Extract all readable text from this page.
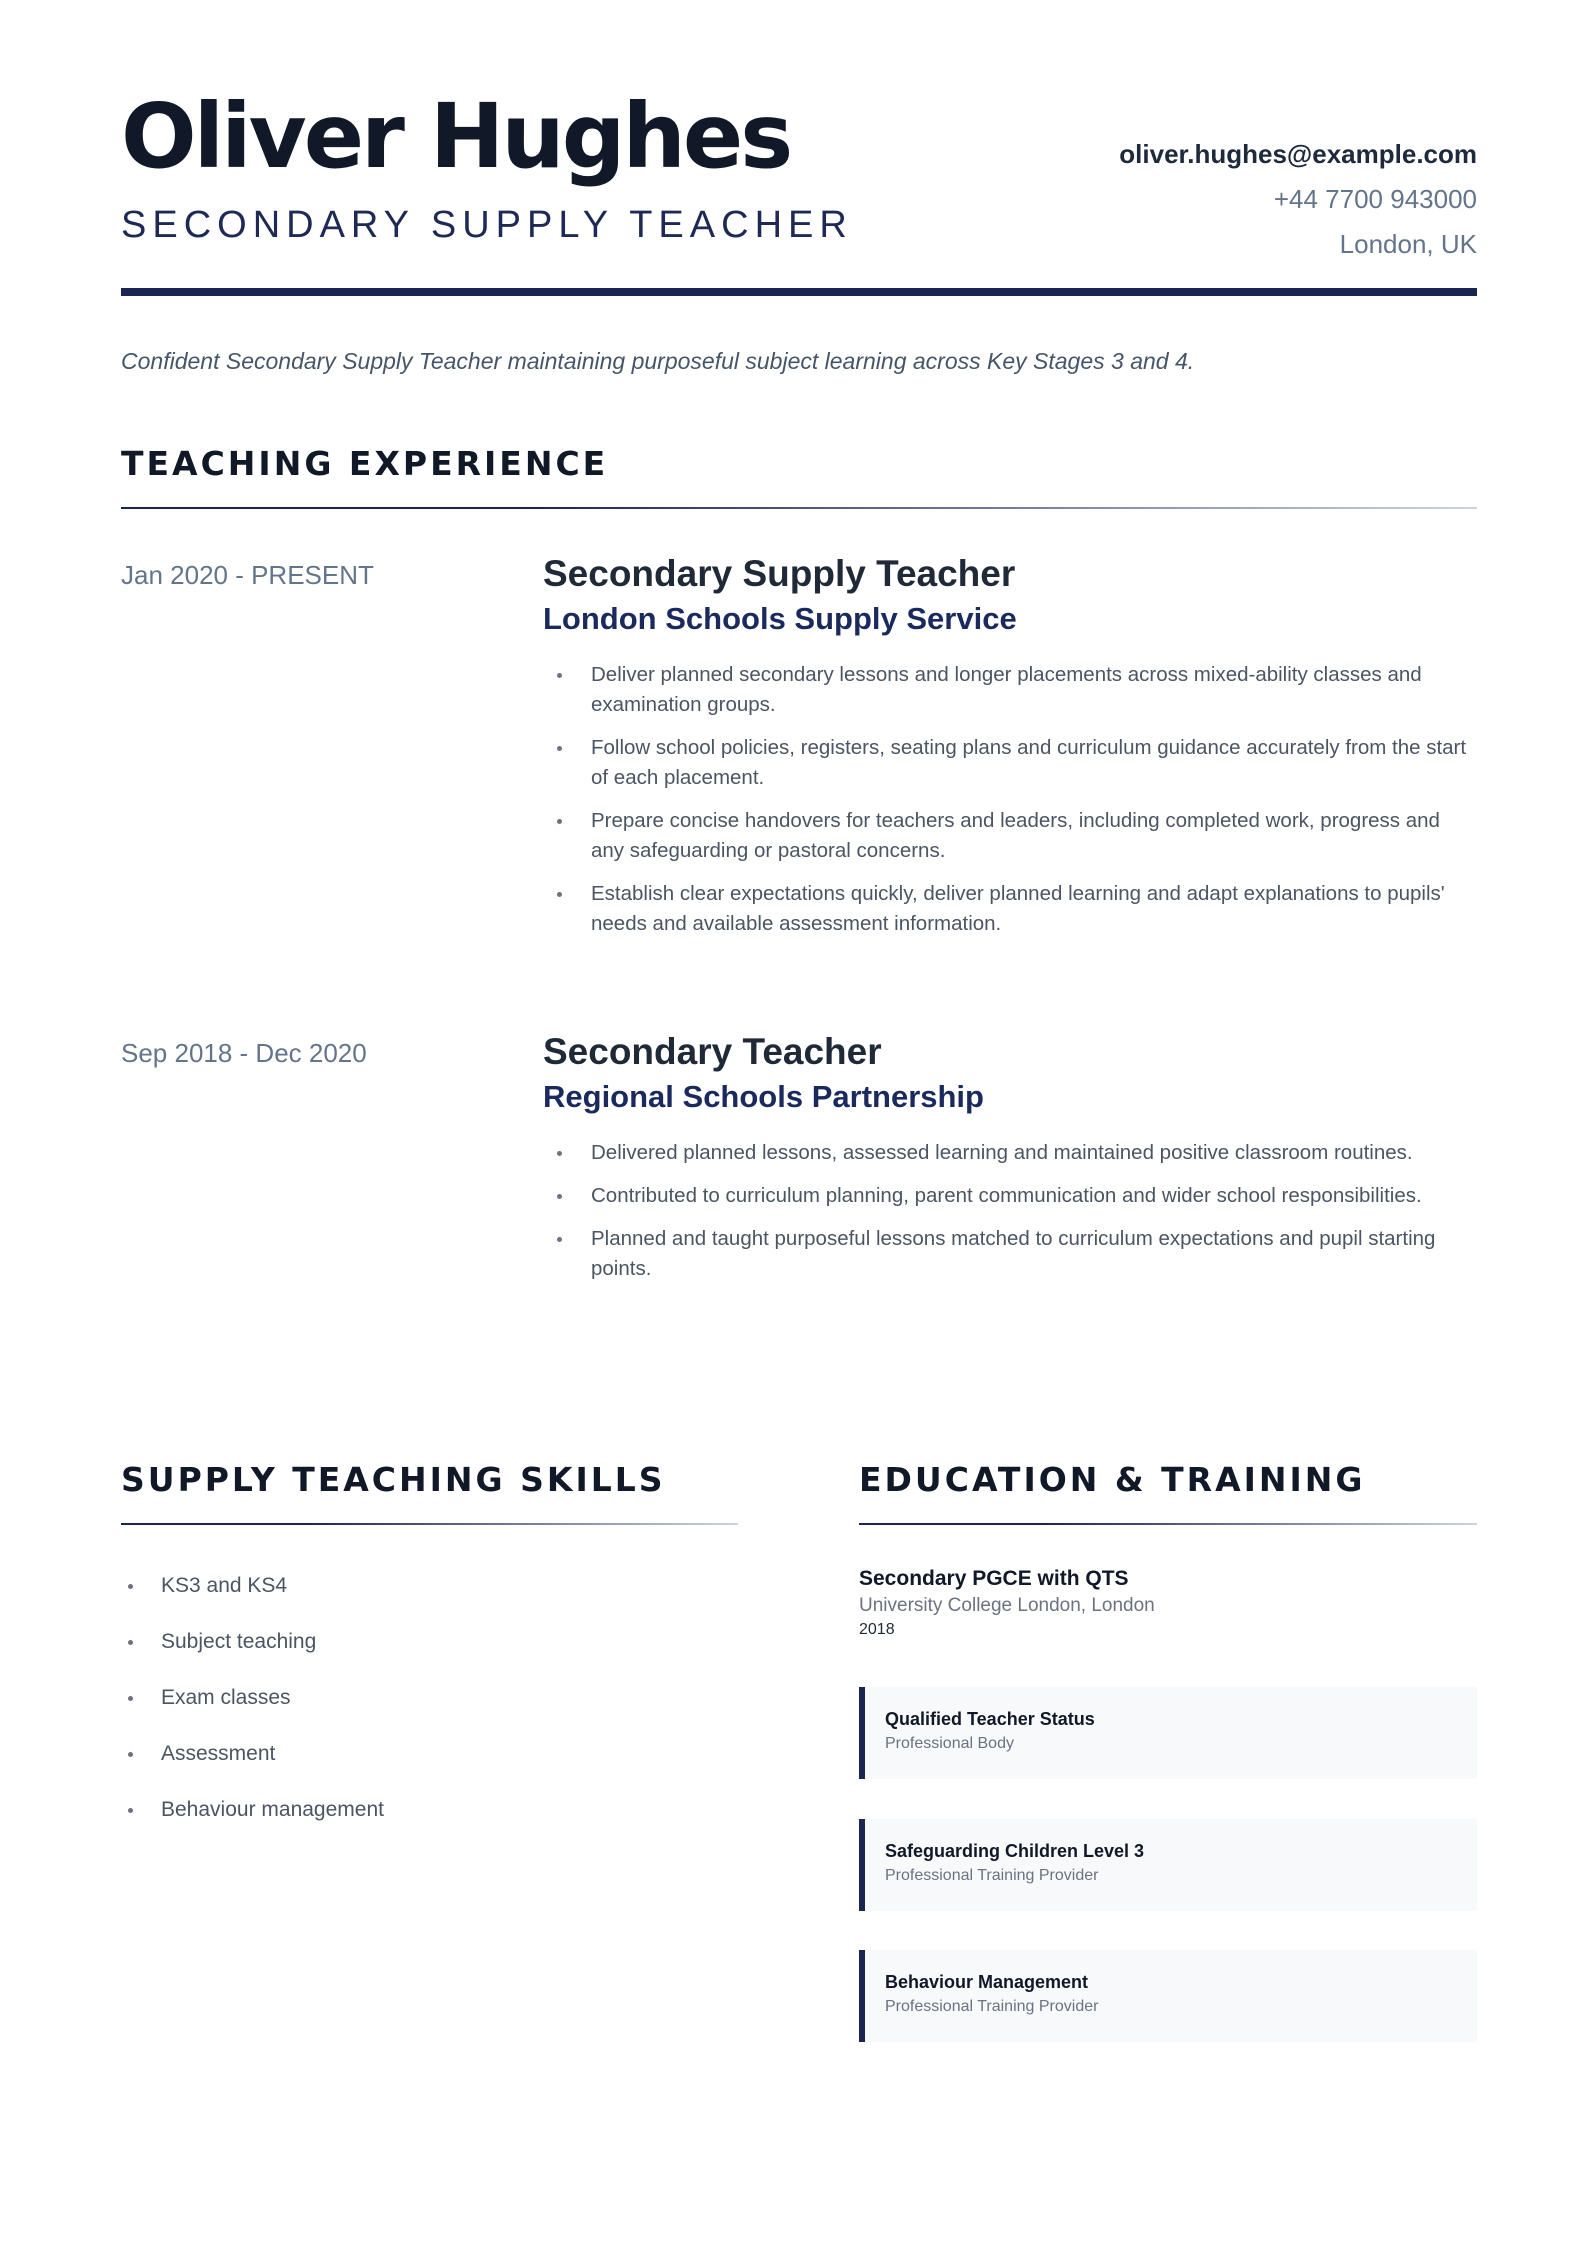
Oliver Hughes
SECONDARY SUPPLY TEACHER
oliver.hughes@example.com
+44 7700 943000
London, UK
Confident Secondary Supply Teacher maintaining purposeful subject learning across Key Stages 3 and 4.
TEACHING EXPERIENCE
Jan 2020 - PRESENT	Secondary Supply Teacher
London Schools Supply Service
Deliver planned secondary lessons and longer placements across mixed-ability classes and examination groups.
Follow school policies, registers, seating plans and curriculum guidance accurately from the start of each placement.
Prepare concise handovers for teachers and leaders, including completed work, progress and any safeguarding or pastoral concerns.
Establish clear expectations quickly, deliver planned learning and adapt explanations to pupils' needs and available assessment information.
Sep 2018 - Dec 2020	Secondary Teacher
Regional Schools Partnership
Delivered planned lessons, assessed learning and maintained positive classroom routines.
Contributed to curriculum planning, parent communication and wider school responsibilities.
Planned and taught purposeful lessons matched to curriculum expectations and pupil starting points.
SUPPLY TEACHING SKILLS
KS3 and KS4
Subject teaching
Exam classes
Assessment
Behaviour management
EDUCATION & TRAINING
Secondary PGCE with QTS
University College London, London
2018
Qualified Teacher Status
Professional Body
Safeguarding Children Level 3
Professional Training Provider
Behaviour Management
Professional Training Provider
